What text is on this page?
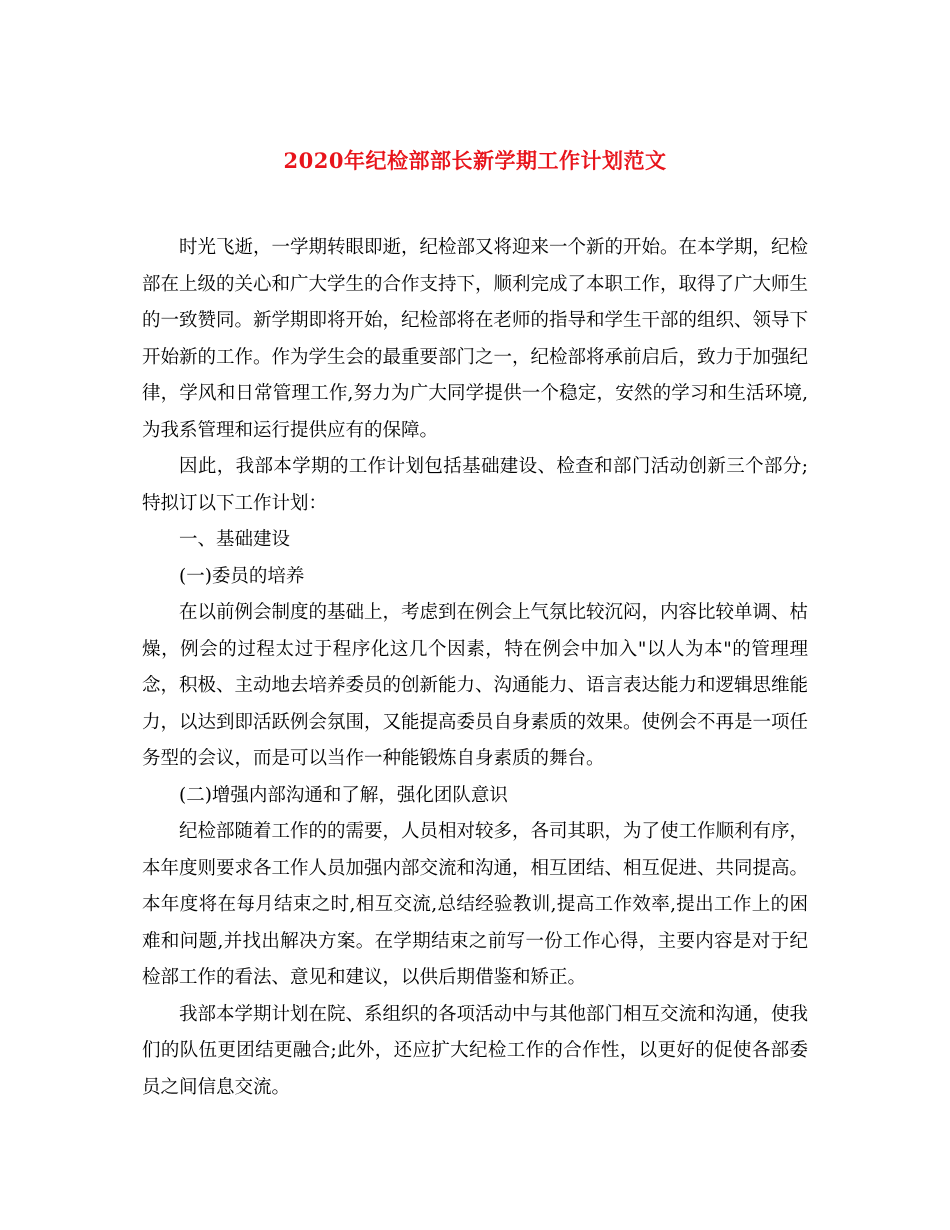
2020年纪检部部长新学期工作计划范文

时光飞逝，一学期转眼即逝，纪检部又将迎来一个新的开始。在本学期，纪检部在上级的关心和广大学生的合作支持下，顺利完成了本职工作，取得了广大师生的一致赞同。新学期即将开始，纪检部将在老师的指导和学生干部的组织、领导下开始新的工作。作为学生会的最重要部门之一，纪检部将承前启后，致力于加强纪律，学风和日常管理工作,努力为广大同学提供一个稳定，安然的学习和生活环境,为我系管理和运行提供应有的保障。

因此，我部本学期的工作计划包括基础建设、检查和部门活动创新三个部分;特拟订以下工作计划：

一、基础建设

(一)委员的培养

在以前例会制度的基础上，考虑到在例会上气氛比较沉闷，内容比较单调、枯燥，例会的过程太过于程序化这几个因素，特在例会中加入"以人为本"的管理理念，积极、主动地去培养委员的创新能力、沟通能力、语言表达能力和逻辑思维能力，以达到即活跃例会氛围，又能提高委员自身素质的效果。使例会不再是一项任务型的会议，而是可以当作一种能锻炼自身素质的舞台。

(二)增强内部沟通和了解，强化团队意识

纪检部随着工作的的需要，人员相对较多，各司其职，为了使工作顺利有序，本年度则要求各工作人员加强内部交流和沟通，相互团结、相互促进、共同提高。本年度将在每月结束之时,相互交流,总结经验教训,提高工作效率,提出工作上的困难和问题,并找出解决方案。在学期结束之前写一份工作心得，主要内容是对于纪检部工作的看法、意见和建议，以供后期借鉴和矫正。

我部本学期计划在院、系组织的各项活动中与其他部门相互交流和沟通，使我们的队伍更团结更融合;此外，还应扩大纪检工作的合作性，以更好的促使各部委员之间信息交流。
